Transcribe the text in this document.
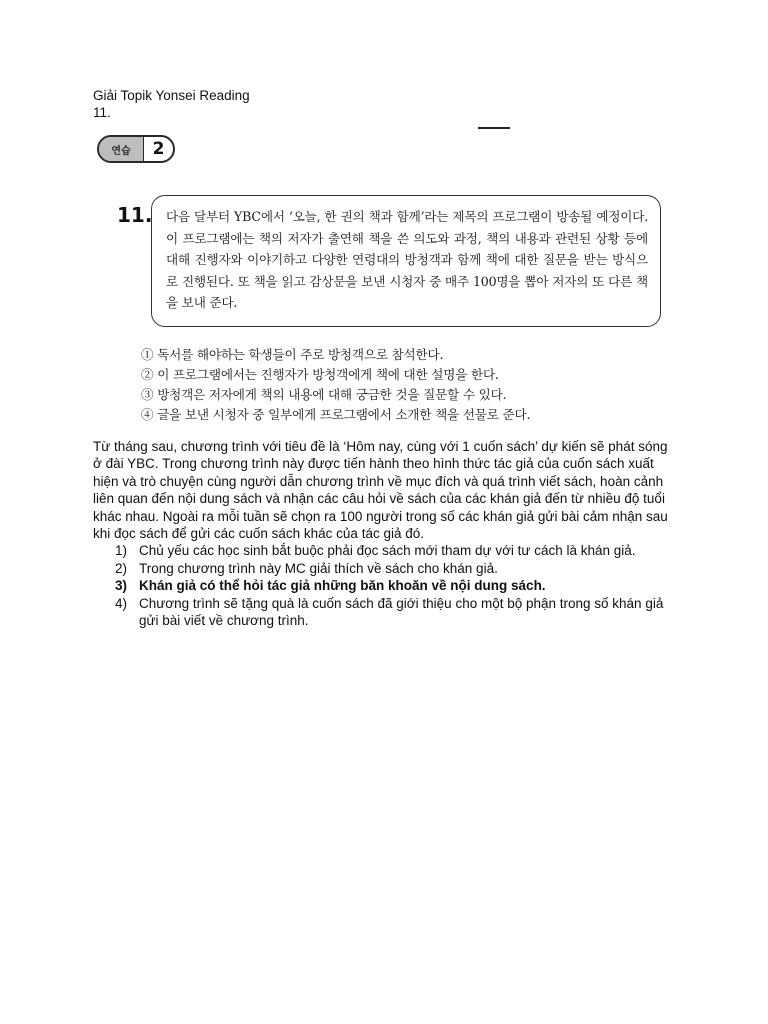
Giải Topik Yonsei Reading
11.
연습	2
11.	다음 달부터 YBC에서 ‘오늘, 한 권의 책과 함께’라는 제목의 프로그램이 방송될 예정이다. 이 프로그램에는 책의 저자가 출연해 책을 쓴 의도와 과정, 책의 내용과 관련된 상황 등에 대해 진행자와 이야기하고 다양한 연령대의 방청객과 함께 책에 대한 질문을 받는 방식으로 진행된다. 또 책을 읽고 감상문을 보낸 시청자 중 매주 100명을 뽑아 저자의 또 다른 책을 보내 준다.
① 독서를 해야하는 학생들이 주로 방청객으로 참석한다.
② 이 프로그램에서는 진행자가 방청객에게 책에 대한 설명을 한다.
③ 방청객은 저자에게 책의 내용에 대해 궁금한 것을 질문할 수 있다.
④ 글을 보낸 시청자 중 일부에게 프로그램에서 소개한 책을 선물로 준다.
Từ tháng sau, chương trình với tiêu đề là ‘Hôm nay, cùng với 1 cuốn sách’ dự kiến sẽ phát sóng ở đài YBC. Trong chương trình này được tiến hành theo hình thức tác giả của cuốn sách xuất hiện và trò chuyện cùng người dẫn chương trình về mục đích và quá trình viết sách, hoàn cảnh liên quan đến nội dung sách và nhận các câu hỏi về sách của các khán giả đến từ nhiều độ tuổi khác nhau. Ngoài ra mỗi tuần sẽ chọn ra 100 người trong số các khán giả gửi bài cảm nhận sau khi đọc sách để gửi các cuốn sách khác của tác giả đó.
1) Chủ yếu các học sinh bắt buộc phải đọc sách mới tham dự với tư cách là khán giả.
2) Trong chương trình này MC giải thích về sách cho khán giả.
3) Khán giả có thể hỏi tác giả những băn khoăn về nội dung sách.
4) Chương trình sẽ tặng quà là cuốn sách đã giới thiệu cho một bộ phận trong số khán giả gửi bài viết về chương trình.
